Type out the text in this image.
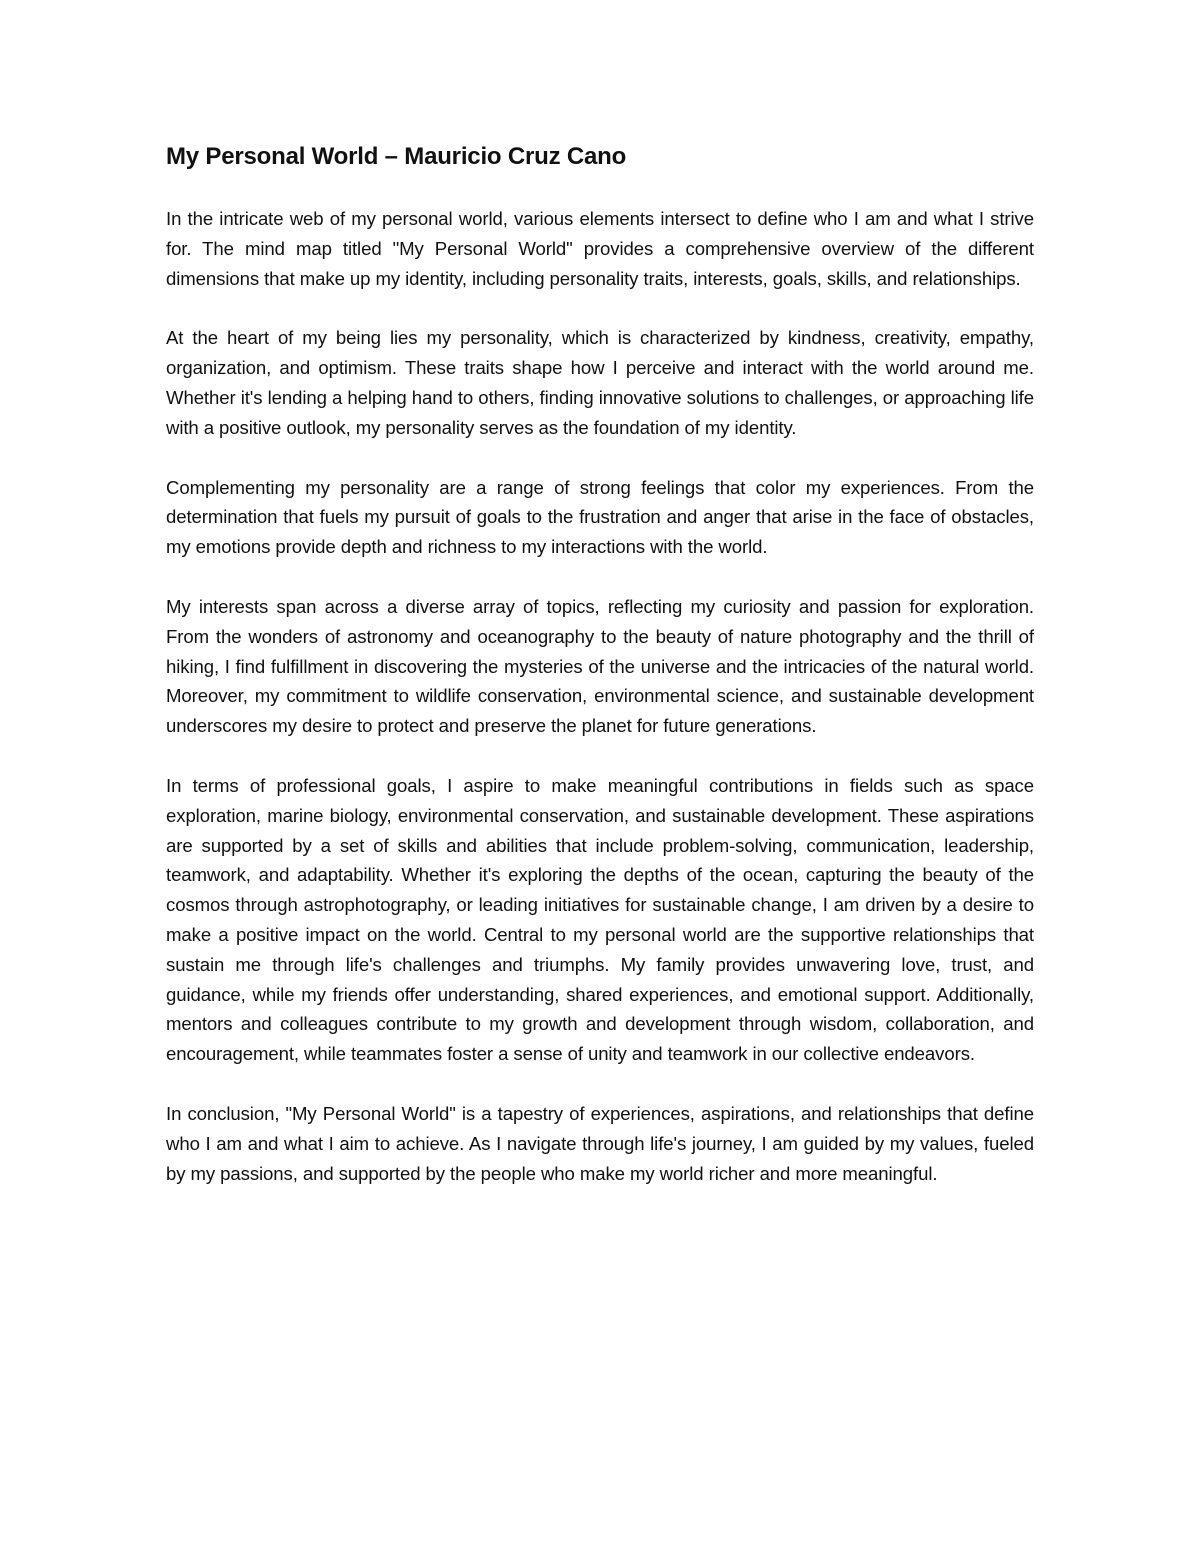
My Personal World – Mauricio Cruz Cano

In the intricate web of my personal world, various elements intersect to define who I am and what I strive for. The mind map titled "My Personal World" provides a comprehensive overview of the different dimensions that make up my identity, including personality traits, interests, goals, skills, and relationships.

At the heart of my being lies my personality, which is characterized by kindness, creativity, empathy, organization, and optimism. These traits shape how I perceive and interact with the world around me. Whether it's lending a helping hand to others, finding innovative solutions to challenges, or approaching life with a positive outlook, my personality serves as the foundation of my identity.

Complementing my personality are a range of strong feelings that color my experiences. From the determination that fuels my pursuit of goals to the frustration and anger that arise in the face of obstacles, my emotions provide depth and richness to my interactions with the world.

My interests span across a diverse array of topics, reflecting my curiosity and passion for exploration. From the wonders of astronomy and oceanography to the beauty of nature photography and the thrill of hiking, I find fulfillment in discovering the mysteries of the universe and the intricacies of the natural world. Moreover, my commitment to wildlife conservation, environmental science, and sustainable development underscores my desire to protect and preserve the planet for future generations.

In terms of professional goals, I aspire to make meaningful contributions in fields such as space exploration, marine biology, environmental conservation, and sustainable development. These aspirations are supported by a set of skills and abilities that include problem-solving, communication, leadership, teamwork, and adaptability. Whether it's exploring the depths of the ocean, capturing the beauty of the cosmos through astrophotography, or leading initiatives for sustainable change, I am driven by a desire to make a positive impact on the world. Central to my personal world are the supportive relationships that sustain me through life's challenges and triumphs. My family provides unwavering love, trust, and guidance, while my friends offer understanding, shared experiences, and emotional support. Additionally, mentors and colleagues contribute to my growth and development through wisdom, collaboration, and encouragement, while teammates foster a sense of unity and teamwork in our collective endeavors.

In conclusion, "My Personal World" is a tapestry of experiences, aspirations, and relationships that define who I am and what I aim to achieve. As I navigate through life's journey, I am guided by my values, fueled by my passions, and supported by the people who make my world richer and more meaningful.
